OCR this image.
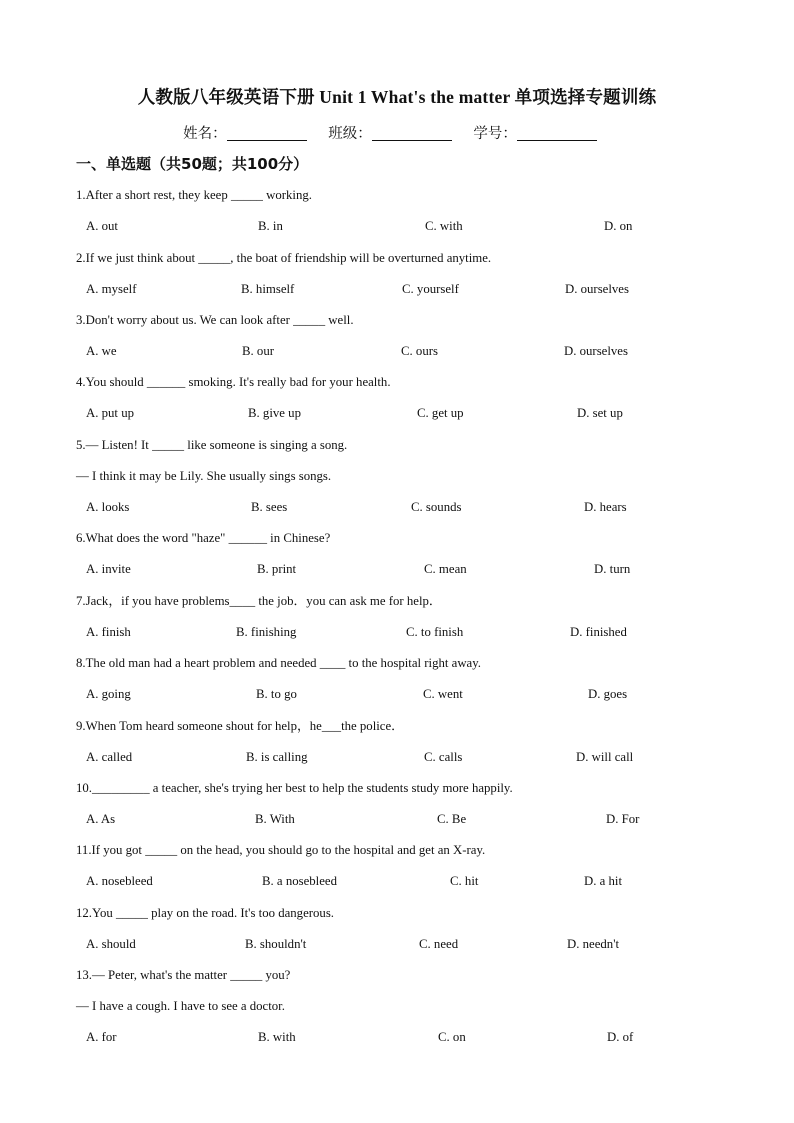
人教版八年级英语下册 Unit 1 What's the matter 单项选择专题训练
姓名：	班级：	学号：
一、单选题（共50题；共100分）
1.After a short rest, they keep _____ working.
A. out	B. in	C. with	D. on
2.If we just think about _____, the boat of friendship will be overturned anytime.
A. myself	B. himself	C. yourself	D. ourselves
3.Don't worry about us. We can look after _____ well.
A. we	B. our	C. ours	D. ourselves
4.You should ______ smoking. It's really bad for your health.
A. put up	B. give up	C. get up	D. set up
5.— Listen! It _____ like someone is singing a song.
— I think it may be Lily. She usually sings songs.
A. looks	B. sees	C. sounds	D. hears
6.What does the word "haze" ______ in Chinese?
A. invite	B. print	C. mean	D. turn
7.Jack，if you have problems____ the job．you can ask me for help．
A. finish	B. finishing	C. to finish	D. finished
8.The old man had a heart problem and needed ____ to the hospital right away.
A. going	B. to go	C. went	D. goes
9.When Tom heard someone shout for help，he___the police．
A. called	B. is calling	C. calls	D. will call
10._________ a teacher, she's trying her best to help the students study more happily.
A. As	B. With	C. Be	D. For
11.If you got _____ on the head, you should go to the hospital and get an X-ray.
A. nosebleed	B. a nosebleed	C. hit	D. a hit
12.You _____ play on the road. It's too dangerous.
A. should	B. shouldn't	C. need	D. needn't
13.— Peter, what's the matter _____ you?
— I have a cough. I have to see a doctor.
A. for	B. with	C. on	D. of
